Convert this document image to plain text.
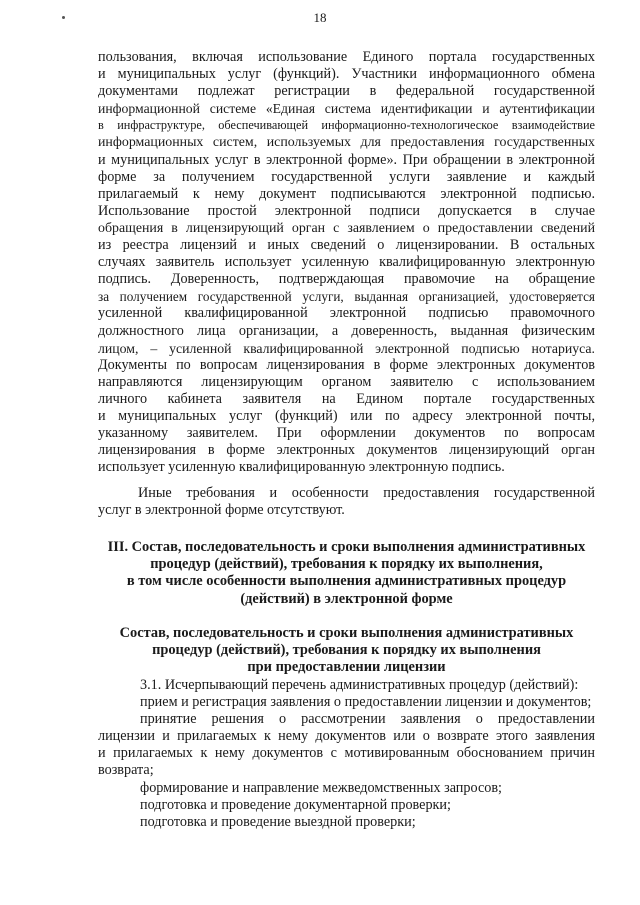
18
пользования, включая использование Единого портала государственных
и муниципальных услуг (функций). Участники информационного обмена
документами подлежат регистрации в федеральной государственной
информационной системе «Единая система идентификации и аутентификации
в инфраструктуре, обеспечивающей информационно-технологическое взаимодействие
информационных систем, используемых для предоставления государственных
и муниципальных услуг в электронной форме». При обращении в электронной
форме за получением государственной услуги заявление и каждый
прилагаемый к нему документ подписываются электронной подписью.
Использование простой электронной подписи допускается в случае
обращения в лицензирующий орган с заявлением о предоставлении сведений
из реестра лицензий и иных сведений о лицензировании. В остальных
случаях заявитель использует усиленную квалифицированную электронную
подпись. Доверенность, подтверждающая правомочие на обращение
за получением государственной услуги, выданная организацией, удостоверяется
усиленной квалифицированной электронной подписью правомочного
должностного лица организации, а доверенность, выданная физическим
лицом, – усиленной квалифицированной электронной подписью нотариуса.
Документы по вопросам лицензирования в форме электронных документов
направляются лицензирующим органом заявителю с использованием
личного кабинета заявителя на Едином портале государственных
и муниципальных услуг (функций) или по адресу электронной почты,
указанному заявителем. При оформлении документов по вопросам
лицензирования в форме электронных документов лицензирующий орган
использует усиленную квалифицированную электронную подпись.
Иные требования и особенности предоставления государственной
услуг в электронной форме отсутствуют.
III. Состав, последовательность и сроки выполнения административных
процедур (действий), требования к порядку их выполнения,
в том числе особенности выполнения административных процедур
(действий) в электронной форме
Состав, последовательность и сроки выполнения административных
процедур (действий), требования к порядку их выполнения
при предоставлении лицензии
3.1. Исчерпывающий перечень административных процедур (действий):
прием и регистрация заявления о предоставлении лицензии и документов;
принятие решения о рассмотрении заявления о предоставлении
лицензии и прилагаемых к нему документов или о возврате этого заявления
и прилагаемых к нему документов с мотивированным обоснованием причин
возврата;
формирование и направление межведомственных запросов;
подготовка и проведение документарной проверки;
подготовка и проведение выездной проверки;
